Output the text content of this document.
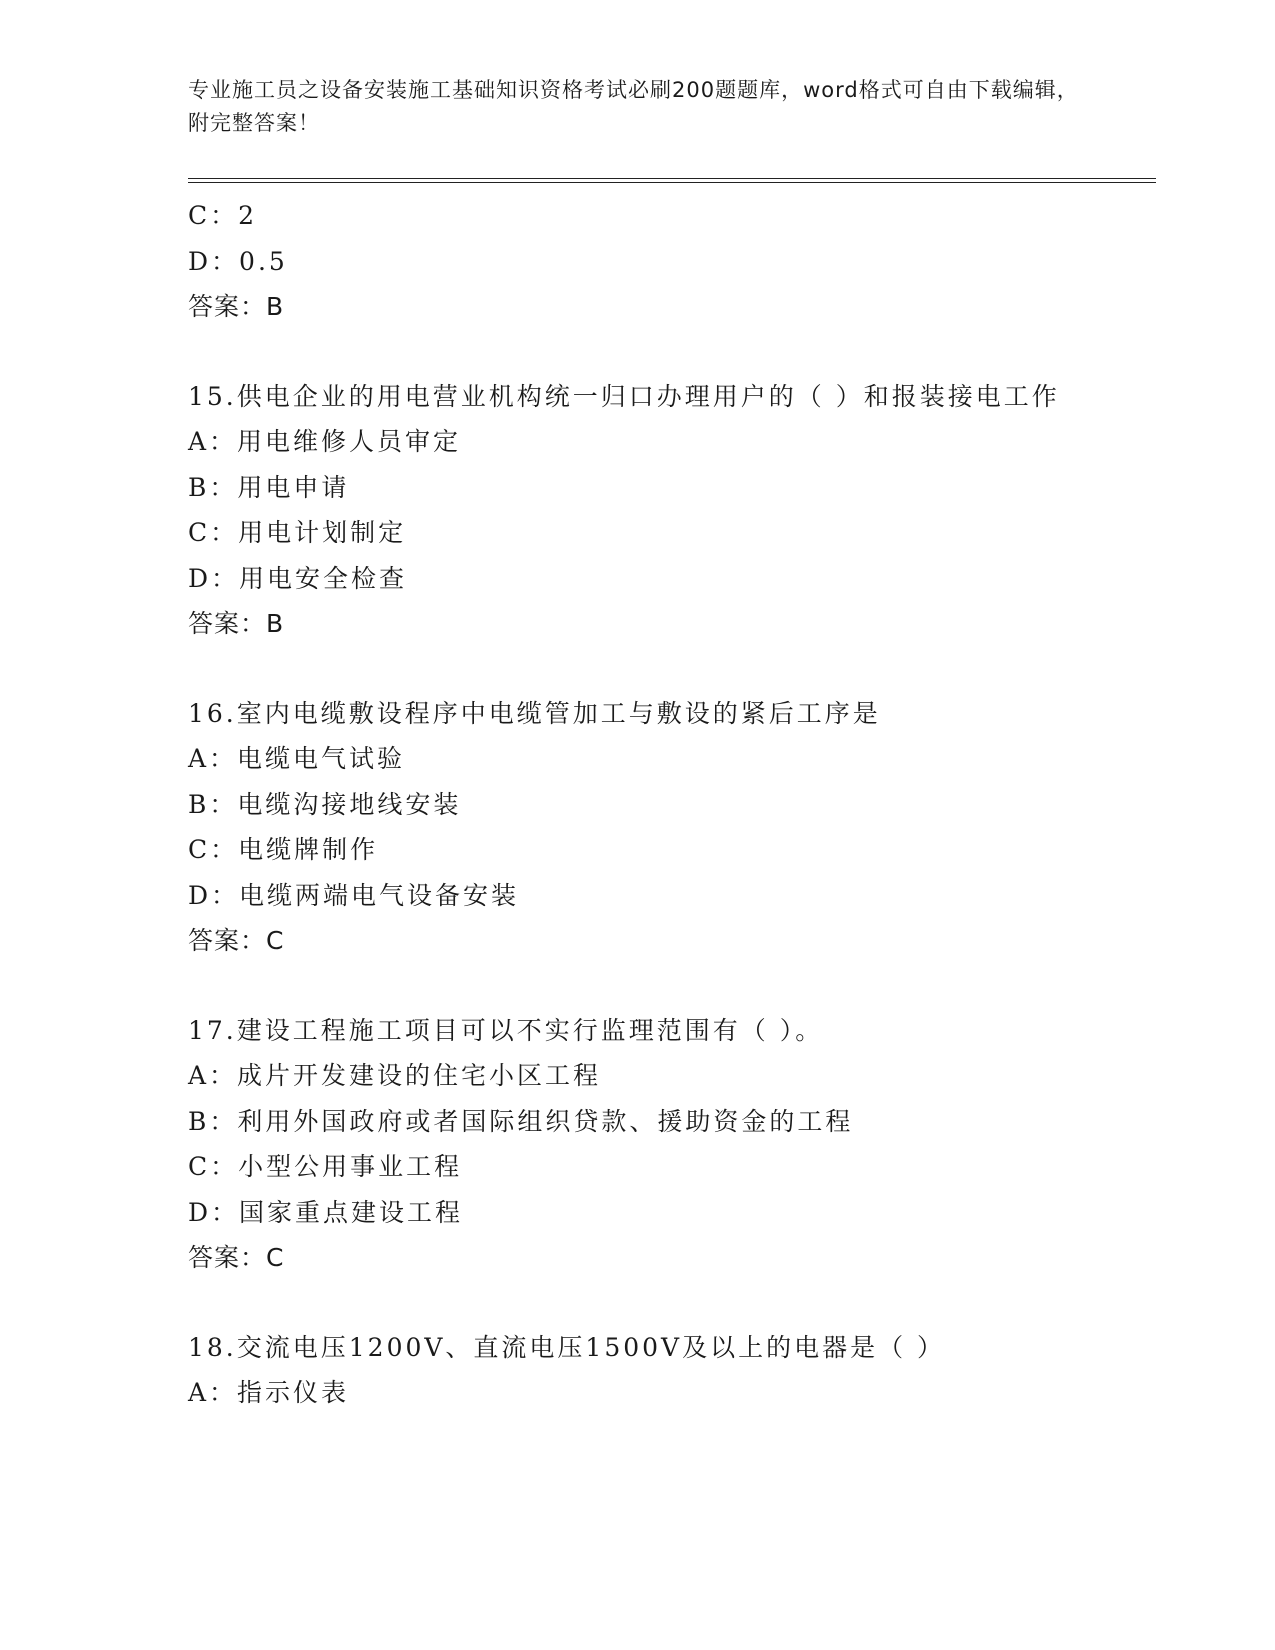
专业施工员之设备安装施工基础知识资格考试必刷200题题库，word格式可自由下载编辑，附完整答案！
C：2
D：0.5
答案：B
15.供电企业的用电营业机构统一归口办理用户的（ ）和报装接电工作
A：用电维修人员审定
B：用电申请
C：用电计划制定
D：用电安全检查
答案：B
16.室内电缆敷设程序中电缆管加工与敷设的紧后工序是
A：电缆电气试验
B：电缆沟接地线安装
C：电缆牌制作
D：电缆两端电气设备安装
答案：C
17.建设工程施工项目可以不实行监理范围有（ ）。
A：成片开发建设的住宅小区工程
B：利用外国政府或者国际组织贷款、援助资金的工程
C：小型公用事业工程
D：国家重点建设工程
答案：C
18.交流电压1200V、直流电压1500V及以上的电器是（ ）
A：指示仪表
